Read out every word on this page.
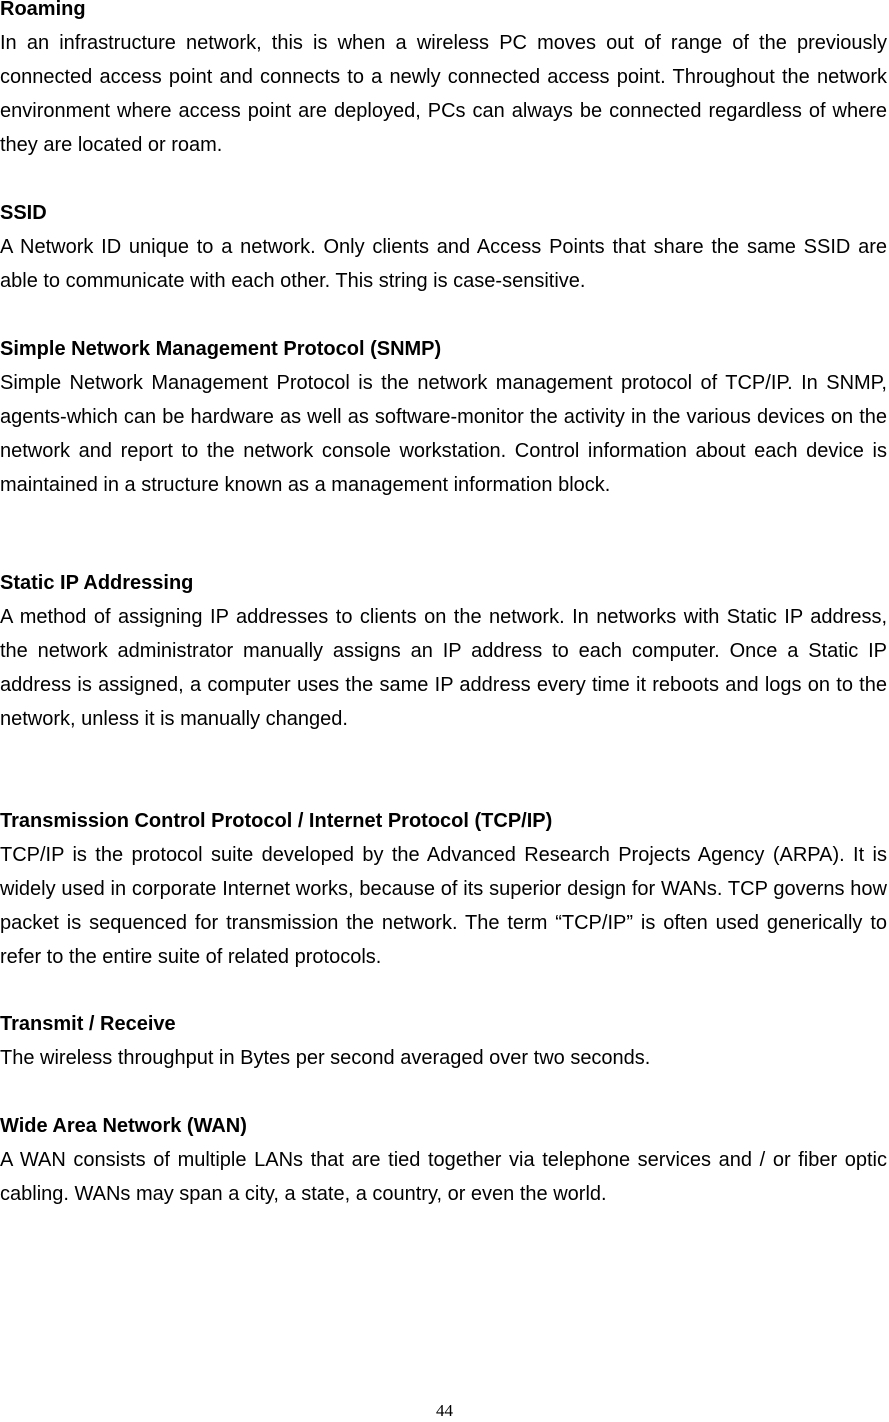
Roaming

In an infrastructure network, this is when a wireless PC moves out of range of the previously connected access point and connects to a newly connected access point. Throughout the network environment where access point are deployed, PCs can always be connected regardless of where they are located or roam.

SSID

A Network ID unique to a network. Only clients and Access Points that share the same SSID are able to communicate with each other. This string is case-sensitive.

Simple Network Management Protocol (SNMP)

Simple Network Management Protocol is the network management protocol of TCP/IP. In SNMP, agents-which can be hardware as well as software-monitor the activity in the various devices on the network and report to the network console workstation. Control information about each device is maintained in a structure known as a management information block.

Static IP Addressing

A method of assigning IP addresses to clients on the network. In networks with Static IP address, the network administrator manually assigns an IP address to each computer. Once a Static IP address is assigned, a computer uses the same IP address every time it reboots and logs on to the network, unless it is manually changed.

Transmission Control Protocol / Internet Protocol (TCP/IP)

TCP/IP is the protocol suite developed by the Advanced Research Projects Agency (ARPA). It is widely used in corporate Internet works, because of its superior design for WANs. TCP governs how packet is sequenced for transmission the network. The term “TCP/IP” is often used generically to refer to the entire suite of related protocols.

Transmit / Receive

The wireless throughput in Bytes per second averaged over two seconds.

Wide Area Network (WAN)

A WAN consists of multiple LANs that are tied together via telephone services and / or fiber optic cabling. WANs may span a city, a state, a country, or even the world.

44
